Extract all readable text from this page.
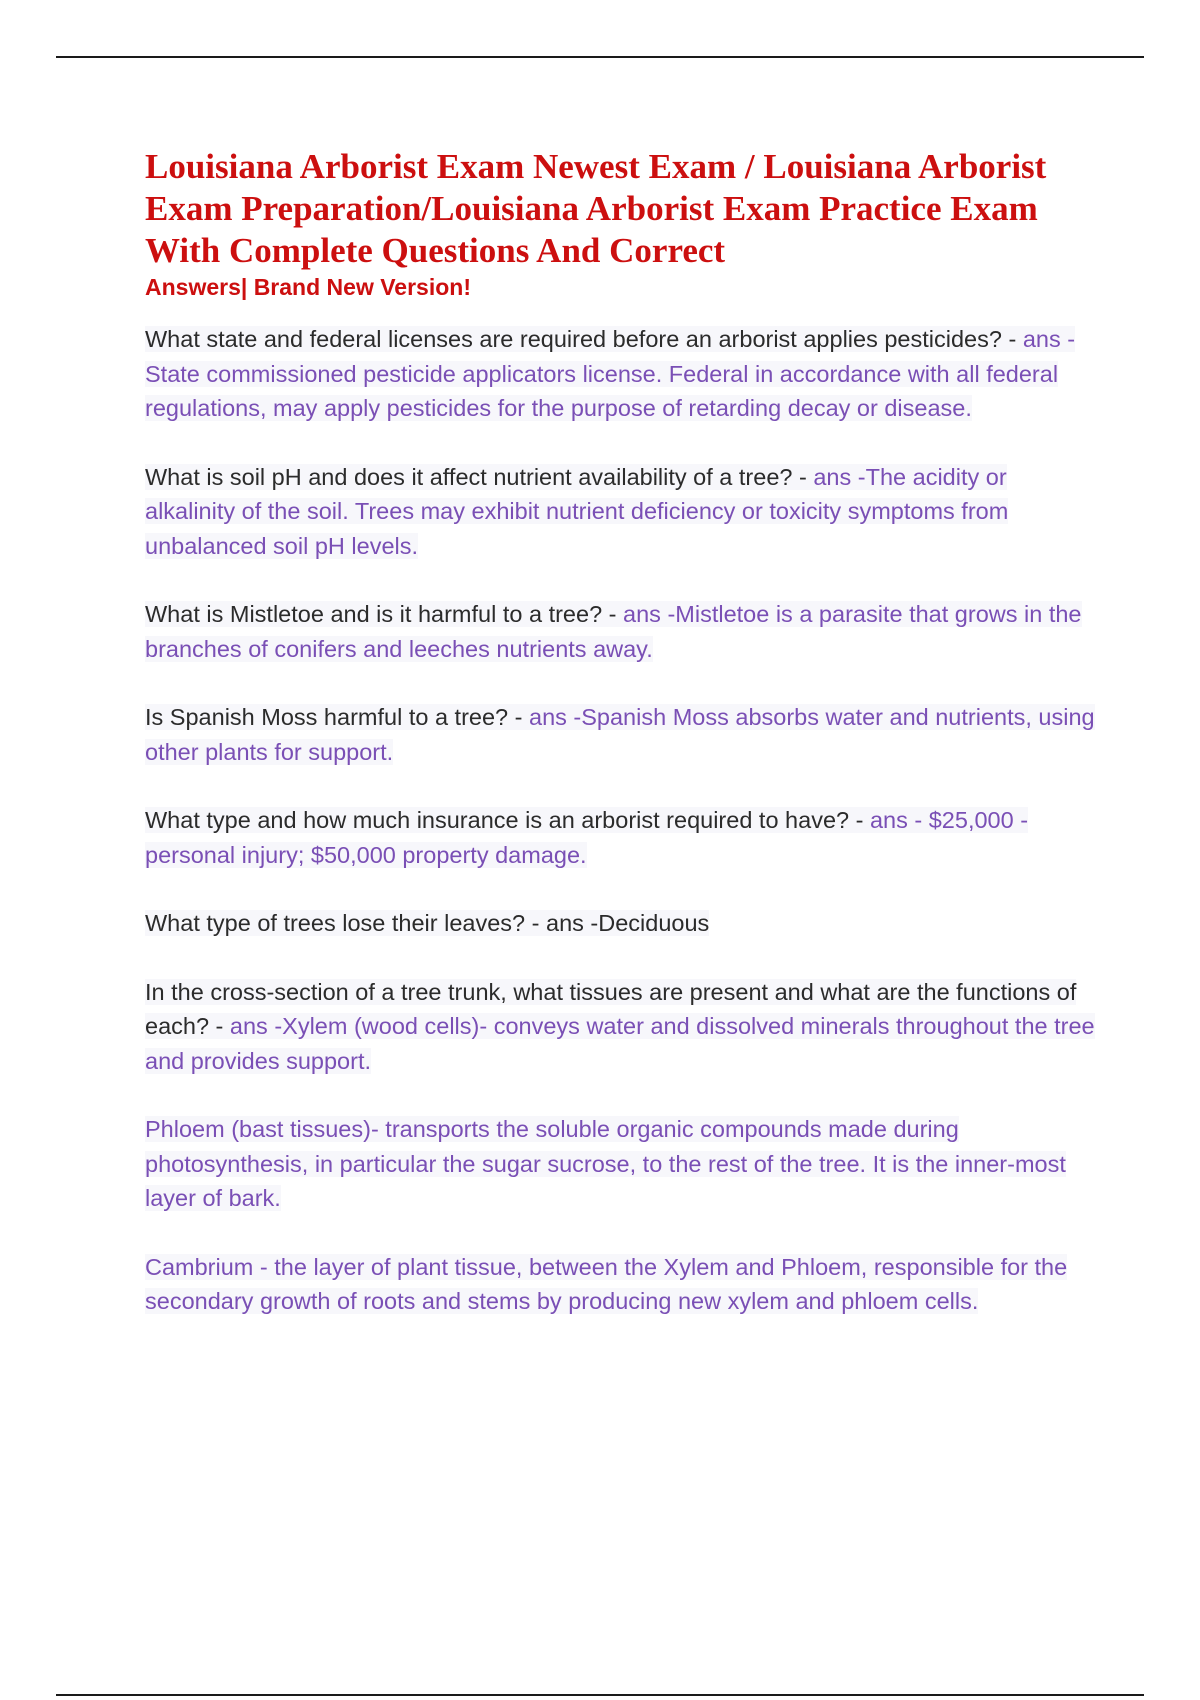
Louisiana Arborist Exam Newest Exam / Louisiana Arborist Exam Preparation/Louisiana Arborist Exam Practice Exam With Complete Questions And Correct

Answers| Brand New Version!

What state and federal licenses are required before an arborist applies pesticides? - ans -State commissioned pesticide applicators license. Federal in accordance with all federal regulations, may apply pesticides for the purpose of retarding decay or disease.

What is soil pH and does it affect nutrient availability of a tree? - ans -The acidity or alkalinity of the soil. Trees may exhibit nutrient deficiency or toxicity symptoms from unbalanced soil pH levels.

What is Mistletoe and is it harmful to a tree? - ans -Mistletoe is a parasite that grows in the branches of conifers and leeches nutrients away.

Is Spanish Moss harmful to a tree? - ans -Spanish Moss absorbs water and nutrients, using other plants for support.

What type and how much insurance is an arborist required to have? - ans - $25,000 - personal injury; $50,000 property damage.

What type of trees lose their leaves? - ans -Deciduous

In the cross-section of a tree trunk, what tissues are present and what are the functions of each? - ans -Xylem (wood cells)- conveys water and dissolved minerals throughout the tree and provides support.

Phloem (bast tissues)- transports the soluble organic compounds made during photosynthesis, in particular the sugar sucrose, to the rest of the tree. It is the inner-most layer of bark.

Cambrium - the layer of plant tissue, between the Xylem and Phloem, responsible for the secondary growth of roots and stems by producing new xylem and phloem cells.
